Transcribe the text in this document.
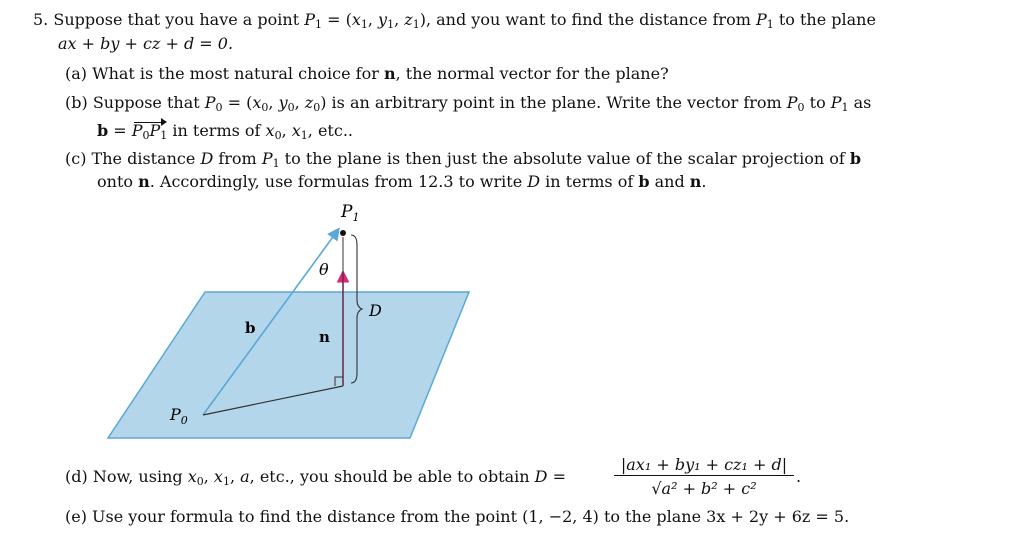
5. Suppose that you have a point $P_1 = (x_1$, $y_1$, $z_1$), and you want to find the distance from $P_1$ to the plane
ax + by + cz + d = 0.
(a) What is the most natural choice for n, the normal vector for the plane?
(b) Suppose that $P_0 = (x_0$, $y_0$, $z_0$) is an arbitrary point in the plane. Write the vector from $P_0$ to $P_1$ as
$b = P_0P_1$ in terms of $x_0$, $x_1$, etc..
(c) The distance D from $P_1$ to the plane is then just the absolute value of the scalar projection of b
onto n. Accordingly, use formulas from 12.3 to write D in terms of b and n.
$P_1$
θ
b	n
D
$P_0$
(d) Now, using $x_0$, $x_1$, a, etc., you should be able to obtain D =	$\frac{\text{|ax₁ + by₁ + cz₁ + d|}}{\text{√a² + b² + c²}}$ .
(e) Use your formula to find the distance from the point (1, −2, 4) to the plane 3x + 2y + 6z = 5.
